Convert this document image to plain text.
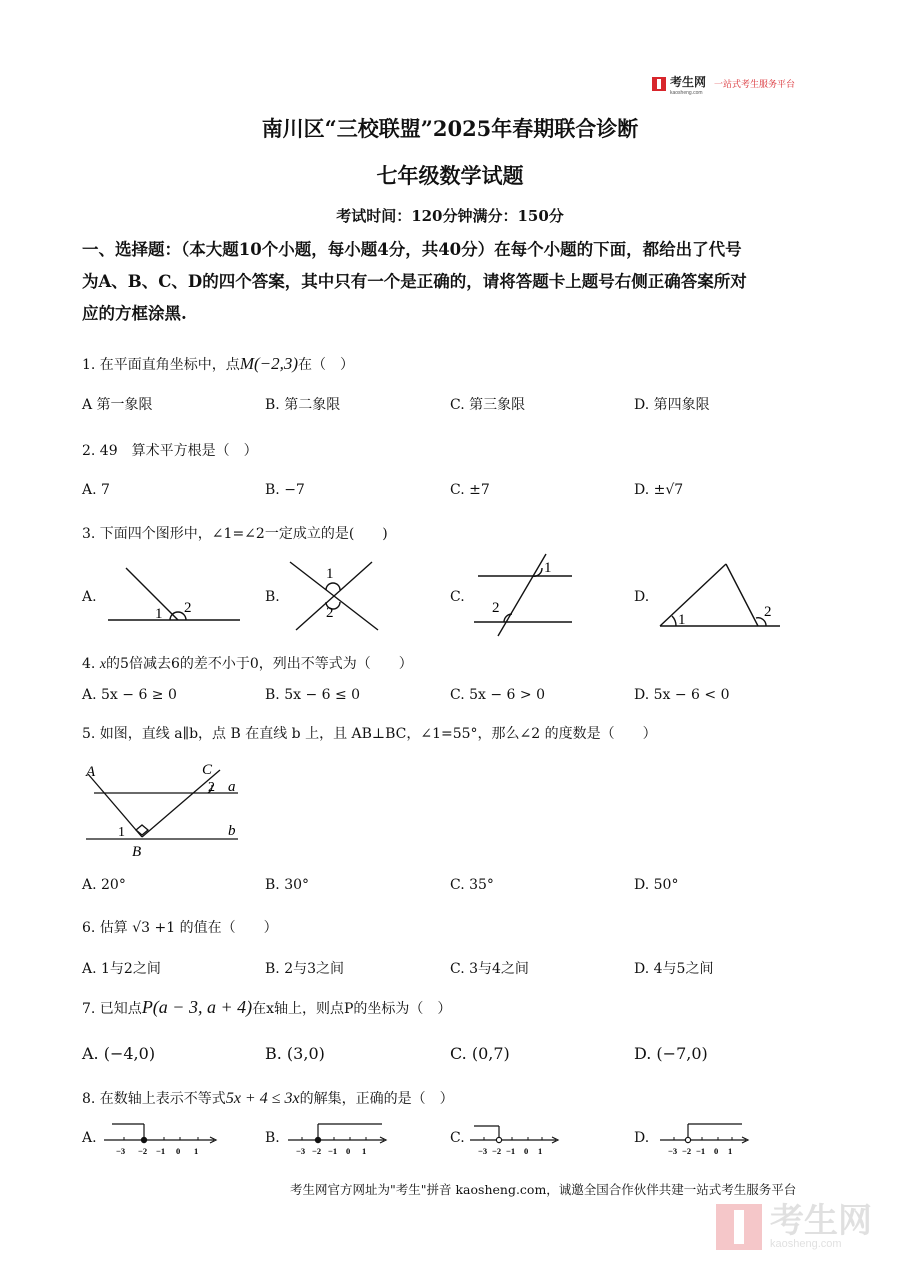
考生网
kaosheng.com
一站式考生服务平台
南川区“三校联盟”2025年春期联合诊断
七年级数学试题
考试时间：120分钟满分：150分
一、选择题：（本大题10个小题，每小题4分，共40分）在每个小题的下面，都给出了代号
为A、B、C、D的四个答案，其中只有一个是正确的，请将答题卡上题号右侧正确答案所对
应的方框涂黑.
1. 在平面直角坐标中，点M(−2,3)在（　）
A 第一象限	B. 第二象限	C. 第三象限	D. 第四象限
2. 49　算术平方根是（　）
A. 7	B. −7	C. ±7	D. ±√7
3. 下面四个图形中，∠1=∠2一定成立的是(　　)
A.	B.	C.	D.
1 2
1
2
1
2
1	2
4. x的5倍减去6的差不小于0，列出不等式为（　　）
A. 5x − 6 ≥ 0	B. 5x − 6 ≤ 0	C. 5x − 6 > 0	D. 5x − 6 < 0
5. 如图，直线 a∥b，点 B 在直线 b 上，且 AB⊥BC，∠1=55°，那么∠2 的度数是（　　）
A	C
2 a
1	b
B
A. 20°	B. 30°	C. 35°	D. 50°
6. 估算 √3 +1 的值在（　　）
A. 1与2之间	B. 2与3之间	C. 3与4之间	D. 4与5之间
7. 已知点P(a − 3, a + 4)在x轴上，则点P的坐标为（　）
A. (−4,0)	B. (3,0)	C. (0,7)	D. (−7,0)
8. 在数轴上表示不等式5x + 4 ≤ 3x的解集，正确的是（　）
A.	B.	C.	D.
−3 −2 −1 0 1	−3 −2 −1 0 1	−3 −2 −1 0 1	−3 −2 −1 0 1
考生网官方网址为"考生"拼音 kaosheng.com，诚邀全国合作伙伴共建一站式考生服务平台
考生网
kaosheng.com
